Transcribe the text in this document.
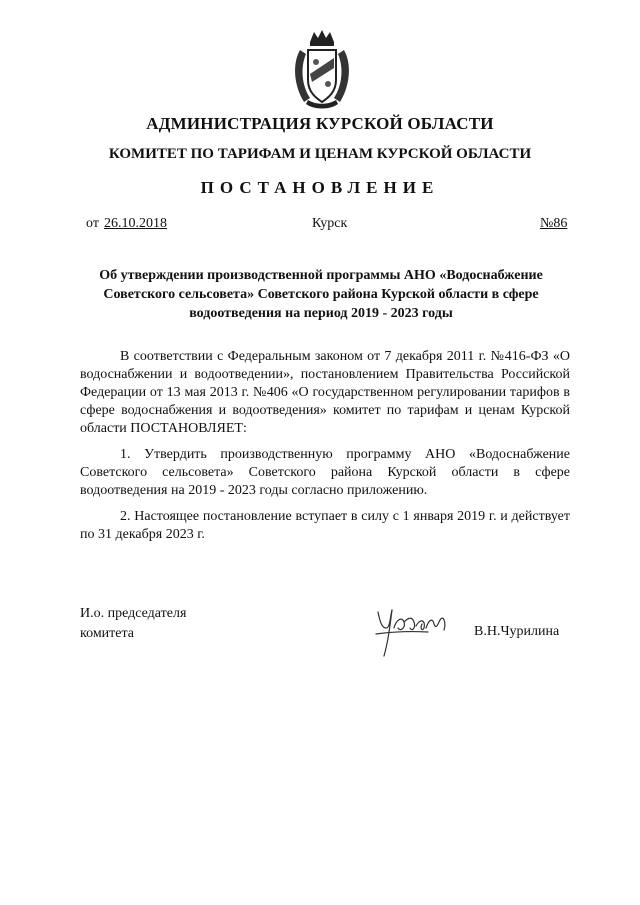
АДМИНИСТРАЦИЯ КУРСКОЙ ОБЛАСТИ
КОМИТЕТ ПО ТАРИФАМ И ЦЕНАМ КУРСКОЙ ОБЛАСТИ
ПОСТАНОВЛЕНИЕ
от 26.10.2018	Курск	№86
Об утверждении производственной программы АНО «Водоснабжение Советского сельсовета» Советского района Курской области в сфере водоотведения на период 2019 - 2023 годы

В соответствии с Федеральным законом от 7 декабря 2011 г. №416-ФЗ «О водоснабжении и водоотведении», постановлением Правительства Российской Федерации от 13 мая 2013 г. №406 «О государственном регулировании тарифов в сфере водоснабжения и водоотведения» комитет по тарифам и ценам Курской области ПОСТАНОВЛЯЕТ:

1. Утвердить производственную программу АНО «Водоснабжение Советского сельсовета» Советского района Курской области в сфере водоотведения на 2019 - 2023 годы согласно приложению.

2. Настоящее постановление вступает в силу с 1 января 2019 г. и действует по 31 декабря 2023 г.

И.о. председателя
комитета	В.Н.Чурилина
